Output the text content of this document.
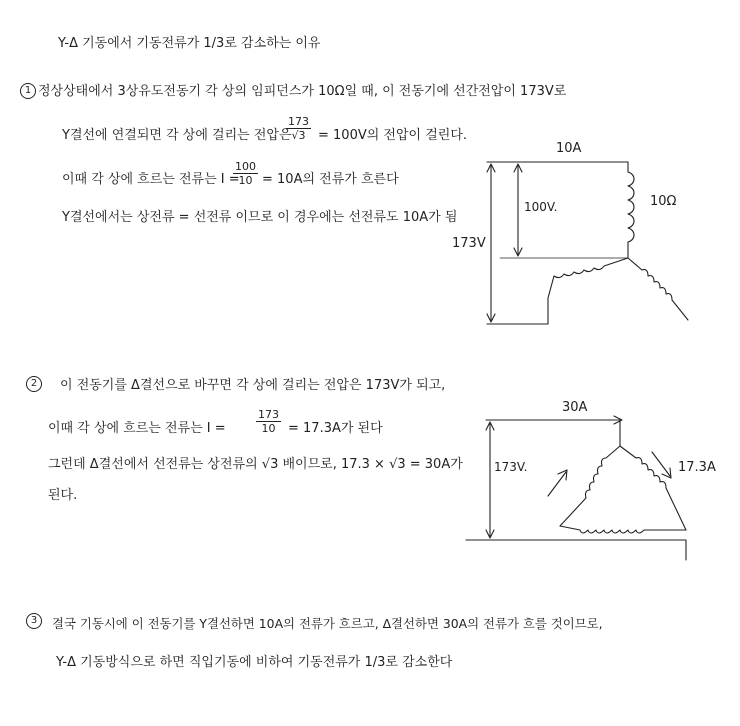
Y-Δ 기동에서 기동전류가 1/3로 감소하는 이유
1 정상상태에서 3상유도전동기 각 상의 임피던스가 10Ω일 때, 이 전동기에 선간전압이 173V로
Y결선에 연결되면 각 상에 걸리는 전압은
$\frac{173}{√3} = 100V$의 전압이 걸린다.
이때 각 상에 흐르는 전류는 I =
$\frac{100}{10} = 10A$의 전류가 흐른다
Y결선에서는 상전류 = 선전류 이므로 이 경우에는 선전류도 10A가 됨
2	이 전동기를 Δ결선으로 바꾸면 각 상에 걸리는 전압은 173V가 되고,
이때 각 상에 흐르는 전류는 I =	$\frac{173}{10} = 17.3A$가 된다
그런데 Δ결선에서 선전류는 상전류의 √3 배이므로, 17.3 × √3 = 30A가
된다.
3	결국 기동시에 이 전동기를 Y결선하면 10A의 전류가 흐르고, Δ결선하면 30A의 전류가 흐를 것이므로,
Y-Δ 기동방식으로 하면 직입기동에 비하여 기동전류가 1/3로 감소한다
10A
100V.	10Ω
173V
30A
173V.	17.3A
